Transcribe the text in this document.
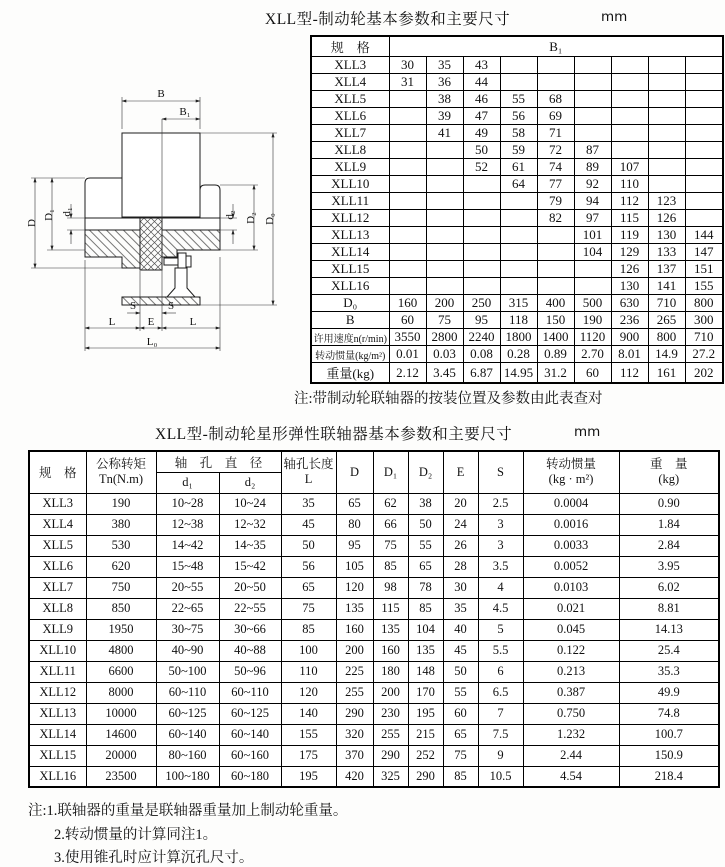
XLL型-制动轮基本参数和主要尺寸	mm
B
B₁
D
D₁ d₁	d₂ D₂ D₀
S	S
L	E	L
L₀
规　格	B₁								
XLL3	30	35	43						
XLL4	31	36	44						
XLL5		38	46	55	68				
XLL6		39	47	56	69				
XLL7		41	49	58	71				
XLL8			50	59	72	87			
XLL9			52	61	74	89	107		
XLL10				64	77	92	110		
XLL11					79	94	112	123	
XLL12					82	97	115	126	
XLL13						101	119	130	144
XLL14						104	129	133	147
XLL15							126	137	151
XLL16							130	141	155
D₀	160	200	250	315	400	500	630	710	800
B	60	75	95	118	150	190	236	265	300
许用速度n(r/min)	3550	2800	2240	1800	1400	1120	900	800	710
转动惯量(kg/m²)	0.01	0.03	0.08	0.28	0.89	2.70	8.01	14.9	27.2
重量(kg)	2.12	3.45	6.87	14.95	31.2	60	112	161	202
注:带制动轮联轴器的按装位置及参数由此表查对
XLL型-制动轮星形弹性联轴器基本参数和主要尺寸	mm
规　格	
公称转矩
Tn(N.m)
	轴　孔　直　径	轴孔长度
L
	D	D₁	D₂	E	S	
转动惯量
(kg · m²)

重　量
(kg)

		d₁	d₂								
XLL3	190	10~28	10~24	35	65	62	38	20	2.5	0.0004	0.90
XLL4	380	12~38	12~32	45	80	66	50	24	3	0.0016	1.84
XLL5	530	14~42	14~35	50	95	75	55	26	3	0.0033	2.84
XLL6	620	15~48	15~42	56	105	85	65	28	3.5	0.0052	3.95
XLL7	750	20~55	20~50	65	120	98	78	30	4	0.0103	6.02
XLL8	850	22~65	22~55	75	135	115	85	35	4.5	0.021	8.81
XLL9	1950	30~75	30~66	85	160	135	104	40	5	0.045	14.13
XLL10	4800	40~90	40~88	100	200	160	135	45	5.5	0.122	25.4
XLL11	6600	50~100	50~96	110	225	180	148	50	6	0.213	35.3
XLL12	8000	60~110	60~110	120	255	200	170	55	6.5	0.387	49.9
XLL13	10000	60~125	60~125	140	290	230	195	60	7	0.750	74.8
XLL14	14600	60~140	60~140	155	320	255	215	65	7.5	1.232	100.7
XLL15	20000	80~160	60~160	175	370	290	252	75	9	2.44	150.9
XLL16	23500	100~180	60~180	195	420	325	290	85	10.5	4.54	218.4
注:1.联轴器的重量是联轴器重量加上制动轮重量。
2.转动惯量的计算同注1。
3.使用锥孔时应计算沉孔尺寸。
